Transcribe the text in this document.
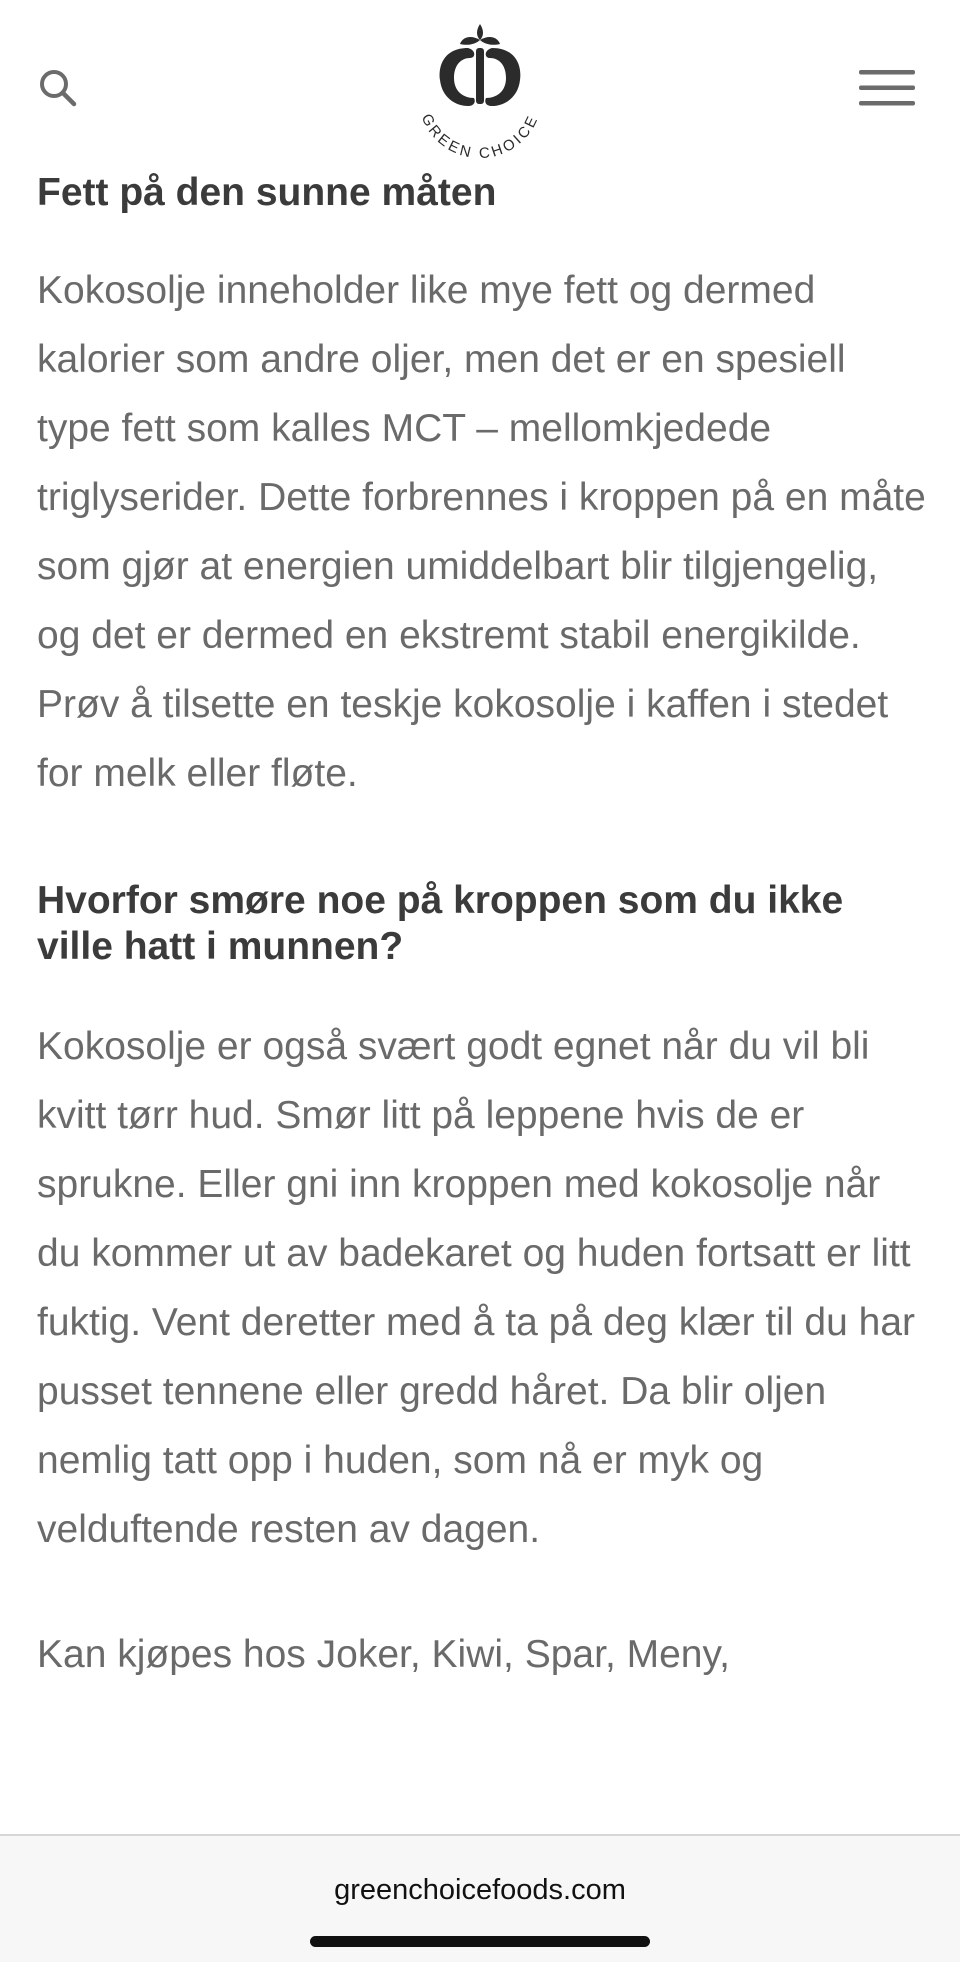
GREEN CHOICE
Fett på den sunne måten

Kokosolje inneholder like mye fett og dermed kalorier som andre oljer, men det er en spesiell type fett som kalles MCT – mellomkjedede triglyserider. Dette forbrennes i kroppen på en måte som gjør at energien umiddelbart blir tilgjengelig, og det er dermed en ekstremt stabil energikilde. Prøv å tilsette en teskje kokosolje i kaffen i stedet for melk eller fløte.

Hvorfor smøre noe på kroppen som du ikke ville hatt i munnen?

Kokosolje er også svært godt egnet når du vil bli kvitt tørr hud. Smør litt på leppene hvis de er sprukne. Eller gni inn kroppen med kokosolje når du kommer ut av badekaret og huden fortsatt er litt fuktig. Vent deretter med å ta på deg klær til du har pusset tennene eller gredd håret. Da blir oljen nemlig tatt opp i huden, som nå er myk og velduftende resten av dagen.

Kan kjøpes hos Joker, Kiwi, Spar, Meny,

greenchoicefoods.com
